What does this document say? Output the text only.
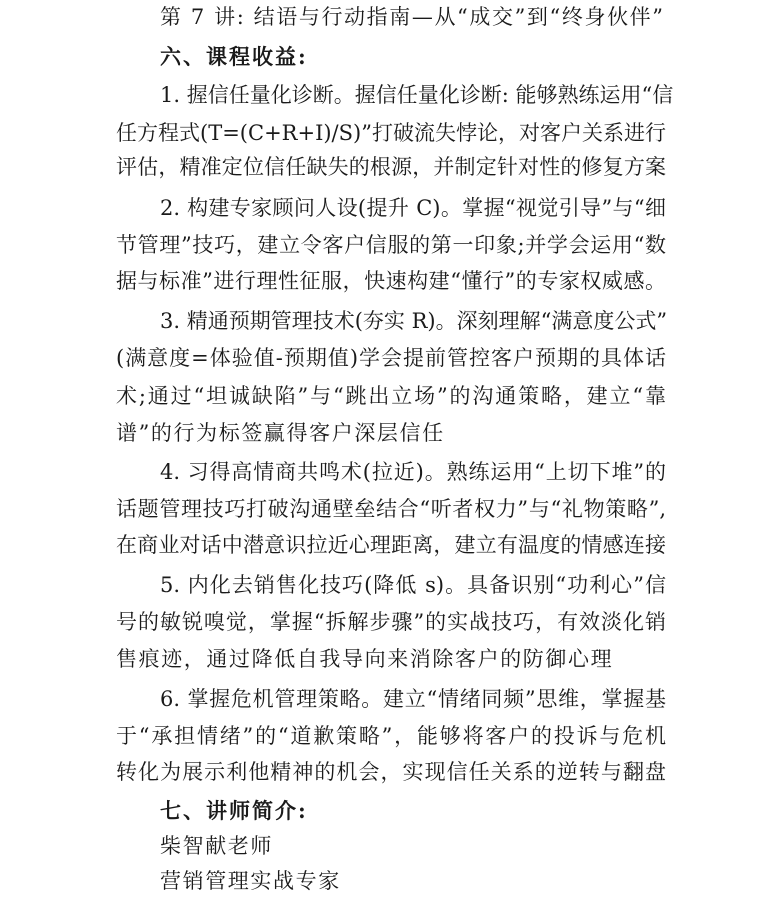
第 7 讲: 结语与行动指南—从“成交”到“终身伙伴”
六、课程收益:
1. 握信任量化诊断。握信任量化诊断: 能够熟练运用“信
任方程式(T=(C+R+I)/S)”打破流失悖论，对客户关系进行
评估，精准定位信任缺失的根源，并制定针对性的修复方案
2. 构建专家顾问人设(提升 C)。掌握“视觉引导”与“细
节管理”技巧，建立令客户信服的第一印象;并学会运用“数
据与标准”进行理性征服，快速构建“懂行”的专家权威感。
3. 精通预期管理技术(夯实 R)。深刻理解“满意度公式”
(满意度=体验值-预期值)学会提前管控客户预期的具体话
术;通过“坦诚缺陷”与“跳出立场”的沟通策略，建立“靠
谱”的行为标签赢得客户深层信任
4. 习得高情商共鸣术(拉近)。熟练运用“上切下堆”的
话题管理技巧打破沟通壁垒结合“听者权力”与“礼物策略”,
在商业对话中潜意识拉近心理距离，建立有温度的情感连接
5. 内化去销售化技巧(降低 s)。具备识别“功利心”信
号的敏锐嗅觉，掌握“拆解步骤”的实战技巧，有效淡化销
售痕迹，通过降低自我导向来消除客户的防御心理
6. 掌握危机管理策略。建立“情绪同频”思维，掌握基
于“承担情绪”的“道歉策略”，能够将客户的投诉与危机
转化为展示利他精神的机会，实现信任关系的逆转与翻盘
七、讲师简介:
柴智献老师
营销管理实战专家
